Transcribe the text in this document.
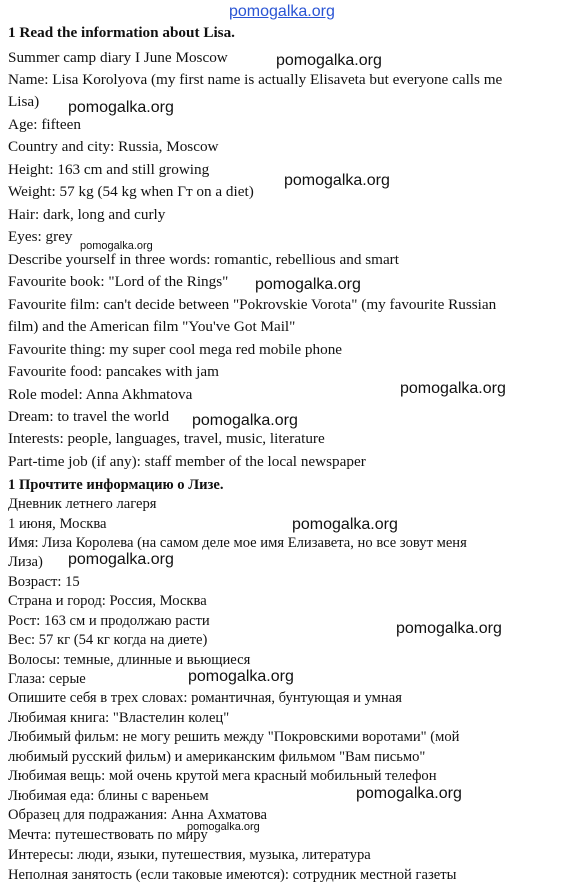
1 Read the information about Lisa.
Summer camp diary I June Moscow
Name: Lisa Korolyova (my first name is actually Elisaveta but everyone calls me
Lisa)
Age: fifteen
Country and city: Russia, Moscow
Height: 163 cm and still growing
Weight: 57 kg (54 kg when Гт on a diet)
Hair: dark, long and curly
Eyes: grey
Describe yourself in three words: romantic, rebellious and smart
Favourite book: "Lord of the Rings"
Favourite film: can't decide between "Pokrovskie Vorota" (my favourite Russian
film) and the American film "You've Got Mail"
Favourite thing: my super cool mega red mobile phone
Favourite food: pancakes with jam
Role model: Anna Akhmatova
Dream: to travel the world
Interests: people, languages, travel, music, literature
Part-time job (if any): staff member of the local newspaper
1 Прочтите информацию о Лизе.
Дневник летнего лагеря
1 июня, Москва
Имя: Лиза Королева (на самом деле мое имя Елизавета, но все зовут меня
Лиза)
Возраст: 15
Страна и город: Россия, Москва
Рост: 163 см и продолжаю расти
Вес: 57 кг (54 кг когда на диете)
Волосы: темные, длинные и вьющиеся
Глаза: серые
Опишите себя в трех словах: романтичная, бунтующая и умная
Любимая книга: "Властелин колец"
Любимый фильм: не могу решить между "Покровскими воротами" (мой
любимый русский фильм) и американским фильмом "Вам письмо"
Любимая вещь: мой очень крутой мега красный мобильный телефон
Любимая еда: блины с вареньем
Образец для подражания: Анна Ахматова
Мечта: путешествовать по миру
Интересы: люди, языки, путешествия, музыка, литература
Неполная занятость (если таковые имеются): сотрудник местной газеты
pomogalka.org
pomogalka.org
pomogalka.org
pomogalka.org
pomogalka.org
pomogalka.org
pomogalka.org
pomogalka.org
pomogalka.org
pomogalka.org
pomogalka.org
pomogalka.org
pomogalka.org
pomogalka.org
